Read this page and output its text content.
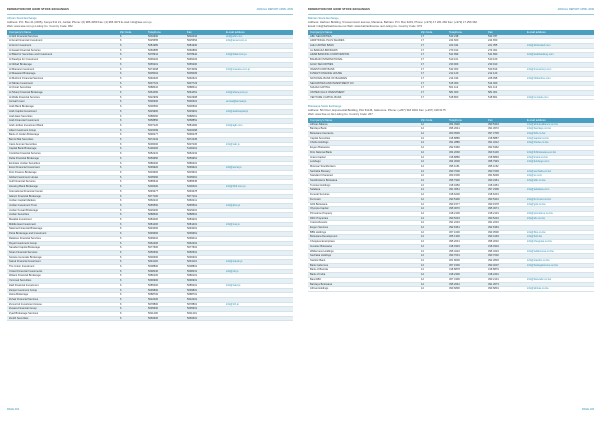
FEDERATION FOR GOOD STOCK EXCHANGES	ANNUAL REPORT APRIL 2009
African Stock Exchange
Address: P.O. Box 41 (2006), Kenya 511 21, Jordan Phone: (6) 986 4059 Fax: (4) 986 4073 E-mail: info@ase.com.jo
Web: www.ase.com.jo Listing Co. Country Code: 962
Company's Name	Zip Code	Telephone	Fax	E-mail address
Al Ahli Financial Services	6	5602900	5602432	ahli@ahli.com
Al Amal Financial Investment	6	5625655	5625654	info@amal.com.jo
Al Amin Investment	6	5681980	5681930	
Al Awael Financial Services	6	5660885	5660884	
Al Bilad for Securities and Investment	6	5678941	5678942	info@bilad.com.jo
Al Dawliya for Investment	6	5699102	5699103	
Al Ittihad Brokerage	6	5665201	5665200	
Al Manara Investment	6	5674008	5674009	info@manara.com.jo
Al Mawared Brokerage	6	5605004	5605005	
Al Muthmir Financial Services	6	5692320	5692321	
Al Nibras Investment	6	5607722	5607723	
Al Omari Securities	6	5688410	5688411	
Al Sharq Financial Brokerage	6	5664450	5664451	info@sharq.com.jo
Al Wafa Financial Services	6	5622909	5622908	
Amwal Invest	6	5500300	5500301	amwal@amwal.jo
Arab Bank Brokerage	6	5600500	5600502	
Arab Capital Investment	6	5629900	5629901	info@arabcapital.jo
Arab East Securities	6	5688060	5688061	
Arab Financial Investment	6	5658850	5658851	
Arab Jordan Investment Bank	6	5607126	5681482	info@ajib.com
Atlas Investment Group	6	5620099	5620098	
Bank of Jordan Brokerage	6	5696277	5696278	
Beit Al Mal Securities	6	5672234	5672235	
Cairo Amman Securities	6	5006000	5007100	info@cab.jo
Capital Bank Brokerage	6	5100200	5100201	
Cordoba Financial Services	6	5652231	5652232	
Delta Financial Brokerage	6	5659950	5659951	
Emirates Jordan Securities	6	5686200	5686201	
Excel Financial Investment	6	5699920	5699921	info@excel.jo
First Finance Brokerage	6	5603600	5603601	
Global Investment House	6	5005060	5005061	
Gulf Financial Services	6	5685544	5685545	
Housing Bank Brokerage	6	5200400	5200401	info@hbtf.com.jo
International Financial Center	6	5693377	5693378	
Islamic Financial Brokerage	6	5677100	5677101	
Jordan Capital Markets	6	5660210	5660211	
Jordan Investment Trust	6	5665500	5665501	info@jitco.jo
Jordan Kuwait Brokerage	6	5629400	5629401	
Jordan Securities	6	5688600	5688601	
Masafat Investment	6	5683200	5683201	
Middle East Investment	6	5681400	5681401	info@mei.jo
National Financial Brokerage	6	5649000	5649001	
Petra Brokerage and Investment	6	5699660	5699661	
Reliance Financial Services	6	5699010	5699011	
Royal Investment Group	6	5662200	5662201	
Sanabel Capital Brokerage	6	5677600	5677601	
Sinan Financial Services	6	5650500	5650501	
Societe Generale Brokerage	6	5600300	5600301	
Sukuk Financial Investment	6	5691100	5691101	info@sukuk.jo
The Union Investment	6	5608800	5608801	
United Financial Investments	6	5698230	5698231	info@ufi.jo
Watani Financial Brokerage	6	5680100	5680101	
Yarmouk Securities	6	5690900	5690901	
Zaid Financial Investment	6	5685400	5685401	info@zaid.jo
Zarqa Investment Group	6	5699800	5699801	
Zeina Brokerage	6	5688700	5688701	
Zuhair Financial Services	6	5622400	5622401	
Zumurrud Investment House	6	5678800	5678801	info@zih.jo
Zuwara Financial Group	6	5695600	5695601	
Zyad Brokerage Services	6	5611200	5611201	
Zenith Securities	6	5666600	5666601	
PAGE 102
FEDERATION FOR GOOD STOCK EXCHANGES	ANNUAL REPORT APRIL 2009
Bahrain Stock Exchange
Address: Harbour Building, 9 Government avenue, Manama, Bahrain. P.O. Box 3203, Phone: (+973) 17 261 260 Fax: (+973) 17 256 362
Email: info@bahrainbourse.net Web: www.bahrainbourse.net Listing Co. Country Code: 973
Company's Name	Zip Code	Telephone	Fax	E-mail address
ABC SECURITIES	17	543 238	533 787	
ADDITIONAL PLUS SHARES	17	244 600	244 650	
AHLI UNITED BANK	17	223 344	221 055	info@ahliunited.com
AL BARAKA BROKERS	17	270 012	274 001	
ARAB BANKING CORPORATION	17	541 899	541 890	info@arabbanking.com
BAHRAIN INTERNATIONAL	17	510 101	510 100	
GULF SECURITIES	17	230 909	230 910	
INVESTCORP BANK	17	532 000	530 816	info@investcorp.com
KUWAIT FINANCE HOUSE	17	212 120	212 123	
NATIONAL BANK OF BAHRAIN	17	214 433	228 998	info@nbbonline.com
SECURITIES AND INVESTMENT CO	17	515 000	514 000	
SHUAA CAPITAL	17	501 112	501 113	
UNITED GULF INVESTMENT	17	581 000	581 001	
VENTURE CAPITAL BANK	17	518 800	518 801	info@vc-bank.com
Botswana Stock Exchange
Address: 5th Floor, Exponential Building, Plot 61146, Gaborone. Phone: (+267) 318 0201 Fax: (+267) 318 0175
Web: www.bse.co.bw Listing Co. Country Code: 267
Company's Name	Zip Code	Telephone	Fax	E-mail address
African Alliance	12	364 3900	390 5334	info@africanalliance.co.bw
Barclays Bank	12	395 2041	391 3672	info@barclays.co.bw
Botswana Insurance	12	360 0500	397 3705	info@bihl.co.bw
Capital Securities	12	318 8886	318 8887	info@capital.co.bw
Chobe Holdings	12	391 2886	391 3212	info@chobe.co.bw
Engen Botswana	12	392 6360	392 6362	
First National Bank	12	364 2600	390 6130	info@fnbbotswana.co.bw
Imara Capital	12	318 8886	318 8893	info@imara.co.bw
Letshego	12	364 3000	395 7949	info@letshego.com
Motovac Stockbrokers	12	395 1151	395 1152	
Sechaba Brewery	12	390 7000	390 7009	info@sechaba.co.bw
Standard Chartered	12	360 1500	391 8299	info@sc.com
Stockbrokers Botswana	12	395 7900	390 3461	info@sbb.co.bw
Turnstar Holdings	12	318 0450	318 0451	
Sefalana	12	391 3661	397 2306	info@sefalana.com
Funeral Services	12	318 6200	318 6201	
Furnmart	12	390 5300	390 5301	info@furnmart.co.bw
G4S Botswana	12	390 1577	390 1578	info@g4s.co.bw
Olympia Capital	12	395 0070	395 0071	
Primetime Property	12	318 2100	318 2101	info@primetime.co.bw
RDC Properties	12	390 5233	390 5234	info@rdc.co.bw
Cresta Resorts	12	391 2222	391 2223	
Engen Services	12	392 6361	392 6363	
BBS Holdings	12	367 1000	390 3500	info@bbs.co.bw
Botswana Development	12	365 1300	390 4193	info@bdc.bw
Choppies Enterprises	12	395 2031	395 2032	info@choppies.co.bw
Investec Botswana	12	318 0333	318 0334	
Wilderness Holdings	12	395 3222	395 3223	info@wilderness.co.bw
Sechaba Holdings	12	390 7001	390 7002	
Stanbic Bank	12	361 8000	392 2818	info@stanbic.co.bw
Bank Gaborone	12	367 1500	390 4007	info@bankgaborone.co.bw
Bank of Baroda	12	318 8878	318 8879	
Bank of India	12	318 2400	318 2401	
BancABC	12	367 4300	390 2131	info@bancabc.co.bw
Barclays Botswana	12	395 2042	391 3673	
Afrinat Holdings	12	390 6800	390 6801	info@afrinat.co.bw
PAGE 103
